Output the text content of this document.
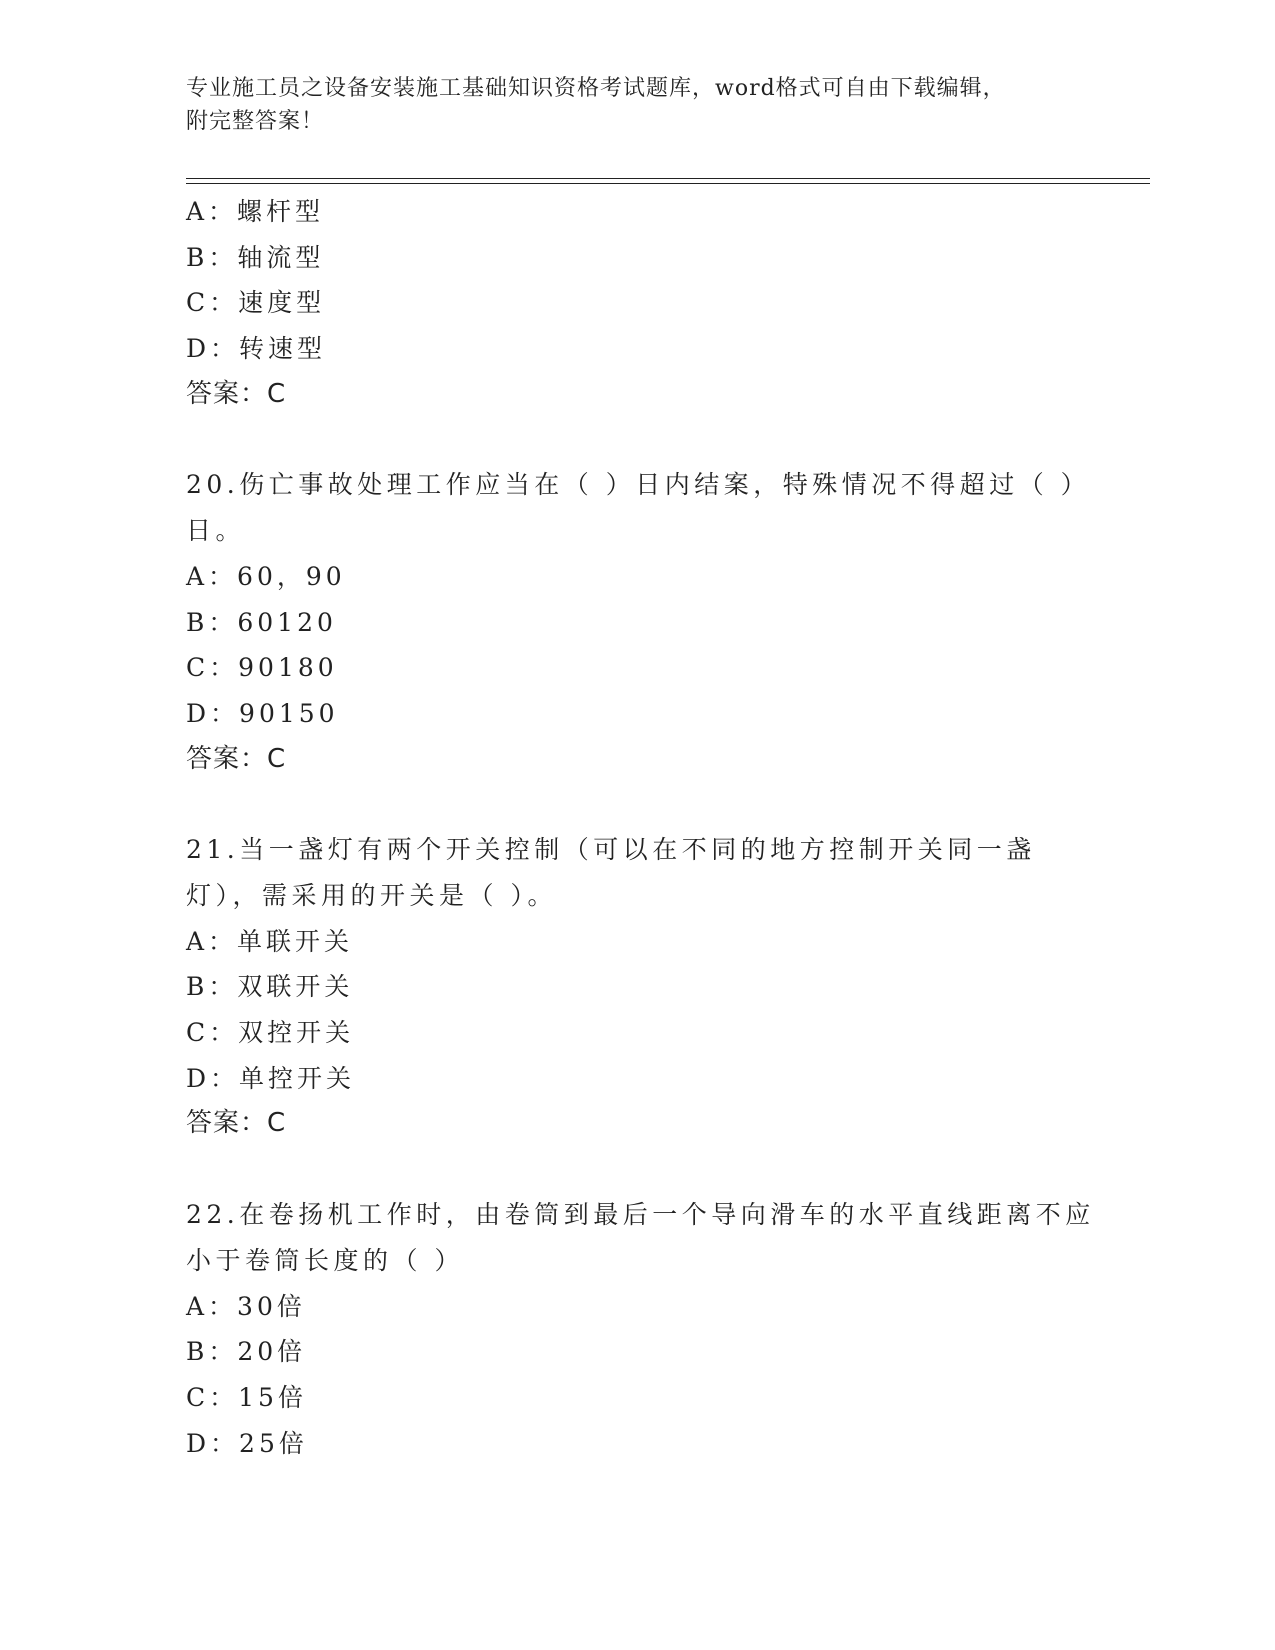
专业施工员之设备安装施工基础知识资格考试题库，word格式可自由下载编辑，
附完整答案！
A：螺杆型
B：轴流型
C：速度型
D：转速型
答案：C
20.伤亡事故处理工作应当在（ ）日内结案，特殊情况不得超过（ ）日。
A：60，90
B：60120
C：90180
D：90150
答案：C
21.当一盏灯有两个开关控制（可以在不同的地方控制开关同一盏灯），需采用的开关是（ ）。
A：单联开关
B：双联开关
C：双控开关
D：单控开关
答案：C
22.在卷扬机工作时，由卷筒到最后一个导向滑车的水平直线距离不应小于卷筒长度的（ ）
A：30倍
B：20倍
C：15倍
D：25倍
